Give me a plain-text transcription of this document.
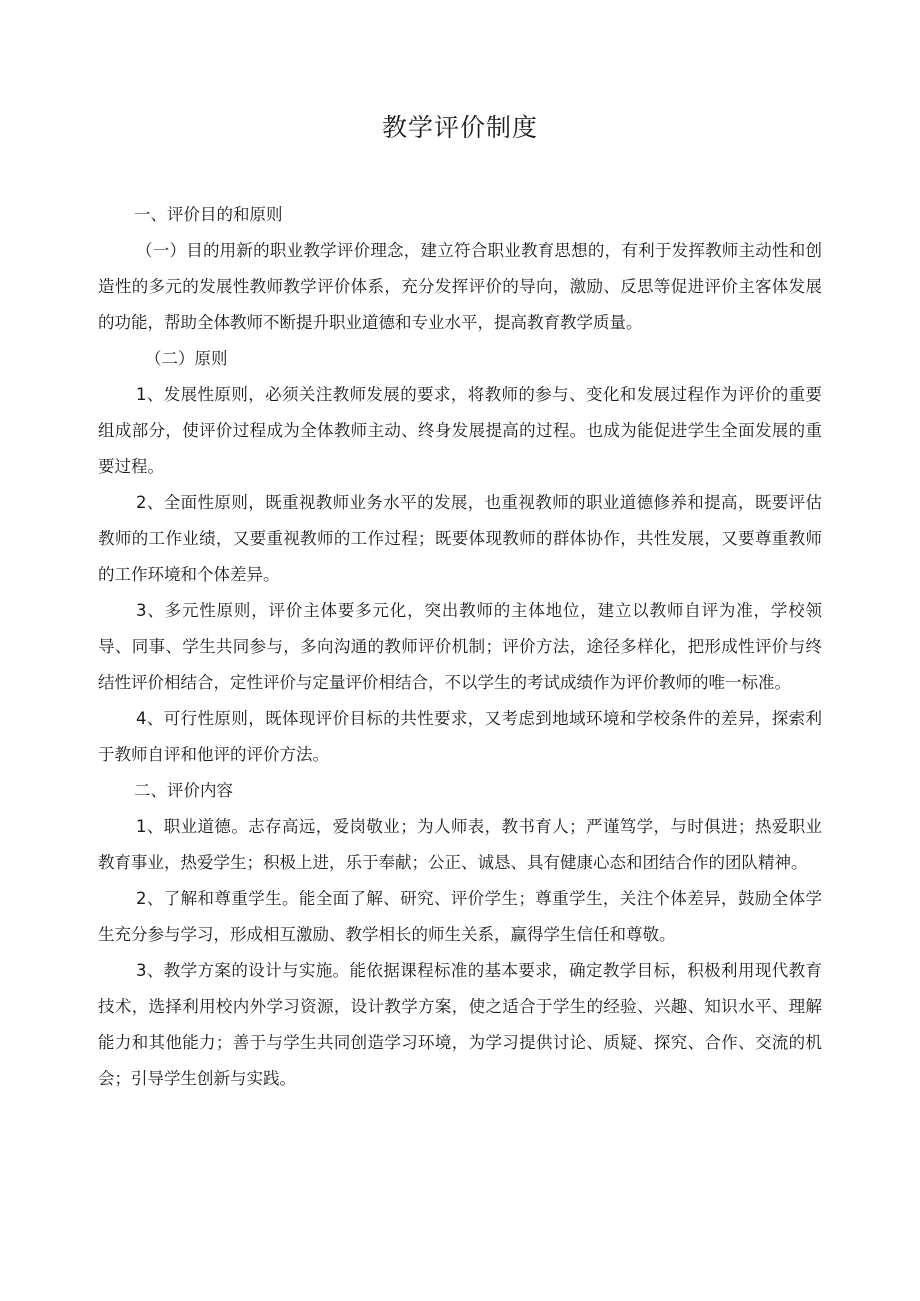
教学评价制度

一、评价目的和原则

（一）目的用新的职业教学评价理念，建立符合职业教育思想的，有利于发挥教师主动性和创造性的多元的发展性教师教学评价体系，充分发挥评价的导向，激励、反思等促进评价主客体发展的功能，帮助全体教师不断提升职业道德和专业水平，提高教育教学质量。

（二）原则

1、发展性原则，必须关注教师发展的要求，将教师的参与、变化和发展过程作为评价的重要组成部分，使评价过程成为全体教师主动、终身发展提高的过程。也成为能促进学生全面发展的重要过程。

2、全面性原则，既重视教师业务水平的发展，也重视教师的职业道德修养和提高，既要评估教师的工作业绩，又要重视教师的工作过程；既要体现教师的群体协作，共性发展，又要尊重教师的工作环境和个体差异。

3、多元性原则，评价主体要多元化，突出教师的主体地位，建立以教师自评为准，学校领导、同事、学生共同参与，多向沟通的教师评价机制；评价方法，途径多样化，把形成性评价与终结性评价相结合，定性评价与定量评价相结合，不以学生的考试成绩作为评价教师的唯一标准。

4、可行性原则，既体现评价目标的共性要求，又考虑到地域环境和学校条件的差异，探索利于教师自评和他评的评价方法。

二、评价内容

1、职业道德。志存高远，爱岗敬业；为人师表，教书育人；严谨笃学，与时俱进；热爱职业教育事业，热爱学生；积极上进，乐于奉献；公正、诚恳、具有健康心态和团结合作的团队精神。

2、了解和尊重学生。能全面了解、研究、评价学生；尊重学生，关注个体差异，鼓励全体学生充分参与学习，形成相互激励、教学相长的师生关系，赢得学生信任和尊敬。

3、教学方案的设计与实施。能依据课程标准的基本要求，确定教学目标，积极利用现代教育技术，选择利用校内外学习资源，设计教学方案，使之适合于学生的经验、兴趣、知识水平、理解能力和其他能力；善于与学生共同创造学习环境，为学习提供讨论、质疑、探究、合作、交流的机会；引导学生创新与实践。
